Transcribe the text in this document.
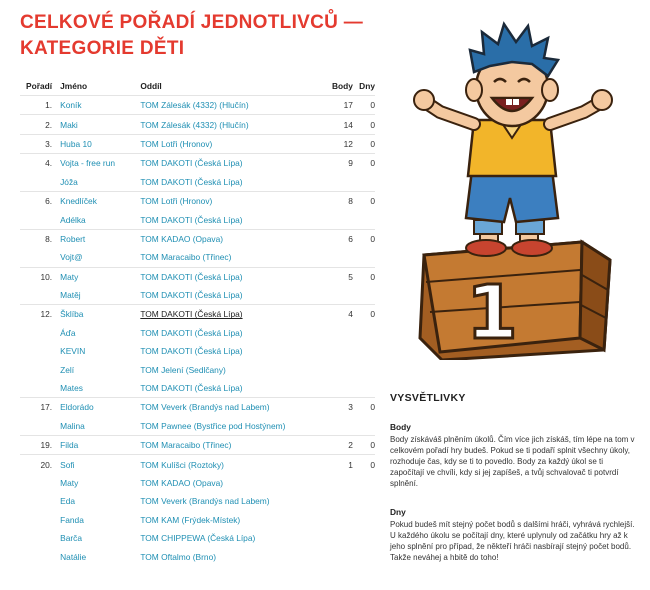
CELKOVÉ POŘADÍ JEDNOTLIVCŮ — KATEGORIE DĚTI
Pořadí	Jméno	Oddíl	Body	Dny
1.	Koník	TOM Zálesák (4332) (Hlučín)	17	0
2.	Maki	TOM Zálesák (4332) (Hlučín)	14	0
3.	Huba 10	TOM Lotři (Hronov)	12	0
4.	Vojta - free run	TOM DAKOTI (Česká Lípa)	9	0
	Jóža	TOM DAKOTI (Česká Lípa)		
6.	Knedlíček	TOM Lotři (Hronov)	8	0
	Adélka	TOM DAKOTI (Česká Lípa)		
8.	Robert	TOM KADAO (Opava)	6	0
	Vojt@	TOM Maracaibo (Třinec)		
10.	Maty	TOM DAKOTI (Česká Lípa)	5	0
	Matěj	TOM DAKOTI (Česká Lípa)		
12.	Šklíba	TOM DAKOTI (Česká Lípa)	4	0
	Áďa	TOM DAKOTI (Česká Lípa)		
	KEVIN	TOM DAKOTI (Česká Lípa)		
	Zelí	TOM Jelení (Sedlčany)		
	Mates	TOM DAKOTI (Česká Lípa)		
17.	Eldorádo	TOM Veverk (Brandýs nad Labem)	3	0
	Malina	TOM Pawnee (Bystřice pod Hostýnem)		
19.	Filda	TOM Maracaibo (Třinec)	2	0
20.	Sofi	TOM Kulíšci (Roztoky)	1	0
	Maty	TOM KADAO (Opava)		
	Eda	TOM Veverk (Brandýs nad Labem)		
	Fanda	TOM KAM (Frýdek-Místek)		
	Barča	TOM CHIPPEWA (Česká Lípa)		
	Natálie	TOM Oftalmo (Brno)		
1
VYSVĚTLIVKY
Body

Body získáváš plněním úkolů. Čím více jich získáš, tím lépe na tom v celkovém pořadí hry budeš. Pokud se ti podaří splnit všechny úkoly, rozhoduje čas, kdy se ti to povedlo. Body za každý úkol se ti započítají ve chvíli, kdy si jej zapíšeš, a tvůj schvalovač ti potvrdí splnění.

Dny

Pokud budeš mít stejný počet bodů s dalšími hráči, vyhrává rychlejší. U každého úkolu se počítají dny, které uplynuly od začátku hry až k jeho splnění pro případ, že někteří hráči nasbírají stejný počet bodů. Takže neváhej a hbitě do toho!
